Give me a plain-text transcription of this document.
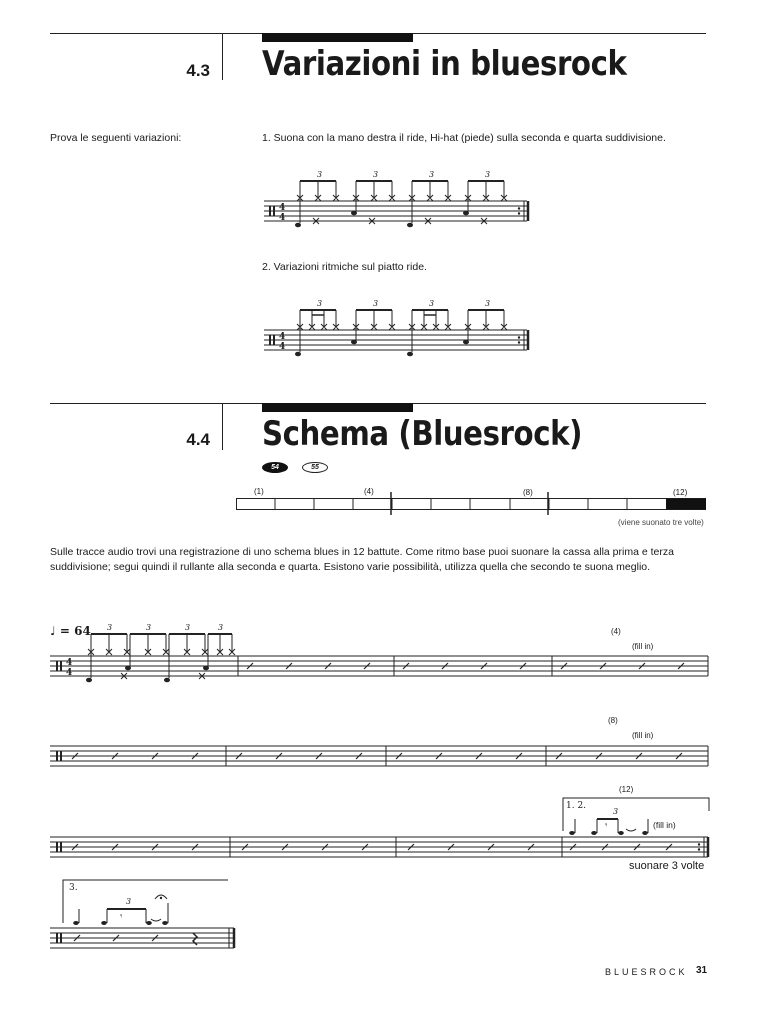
4.3 Variazioni in bluesrock
Prova le seguenti variazioni:	1. Suona con la mano destra il ride, Hi-hat (piede) sulla seconda e quarta suddivisione.
4
4
3	3	3	3
2. Variazioni ritmiche sul piatto ride.
4
4
3	3	3	3
4.4 Schema (Bluesrock)
54	55
(1)	(4)	(8)	(12)
(viene suonato tre volte)
Sulle tracce audio trovi una registrazione di uno schema blues in 12 battute. Come ritmo base puoi suonare la cassa alla prima e terza
suddivisione; segui quindi il rullante alla seconda e quarta. Esistono varie possibilità, utilizza quella che secondo te suona meglio.
♩ = 64	(4)
(fill in)
4
4
3	3	3	3
(8)
(fill in)
(12)
𝄾
1. 2.
3
(fill in)
suonare 3 volte
𝄾
3.
3
BLUESROCK 31
